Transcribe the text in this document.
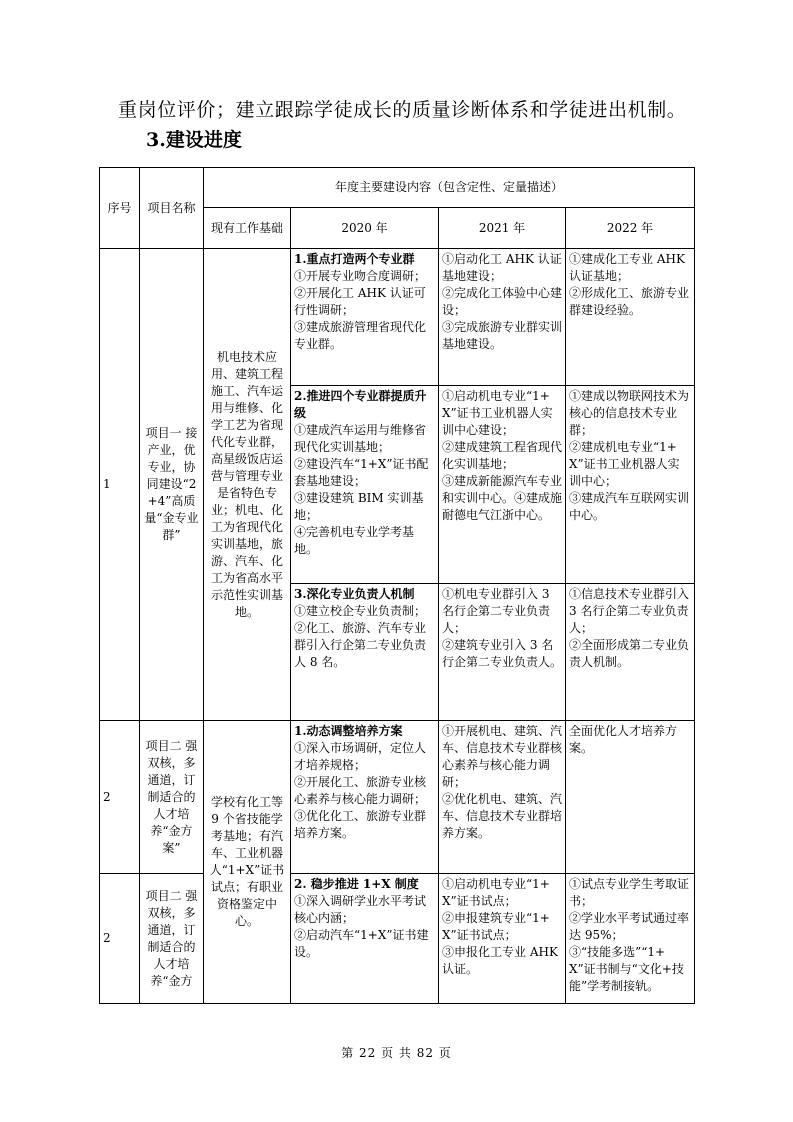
重岗位评价；建立跟踪学徒成长的质量诊断体系和学徒进出机制。
3.建设进度
序号	项目名称	年度主要建设内容（包含定性、定量描述）			
		现有工作基础	2020 年	2021 年	2022 年
1	项目一 接产业，优专业，协同建设“2+4”高质量“金专业群”	机电技术应用、建筑工程施工、汽车运用与维修、化学工艺为省现代化专业群，高星级饭店运营与管理专业是省特色专业；机电、化工为省现代化实训基地，旅游、汽车、化工为省高水平示范性实训基地。	1.重点打造两个专业群
①开展专业吻合度调研；
②开展化工 AHK 认证可行性调研；
③建成旅游管理省现代化专业群。	①启动化工 AHK 认证基地建设；
②完成化工体验中心建设；
③完成旅游专业群实训基地建设。	①建成化工专业 AHK 认证基地；
②形成化工、旅游专业群建设经验。

			2.推进四个专业群提质升级
①建成汽车运用与维修省现代化实训基地；
②建设汽车“1+X”证书配套基地建设；
③建设建筑 BIM 实训基地；
④完善机电专业学考基地。	①启动机电专业“1+X”证书工业机器人实训中心建设；
②建成建筑工程省现代化实训基地；
③建成新能源汽车专业和实训中心。④建成施耐德电气江浙中心。	①建成以物联网技术为核心的信息技术专业群；
②建成机电专业“1+X”证书工业机器人实训中心；
③建成汽车互联网实训中心。

			3.深化专业负责人机制
①建立校企专业负责制；
②化工、旅游、汽车专业群引入行企第二专业负责人 8 名。	①机电专业群引入 3 名行企第二专业负责人；
②建筑专业引入 3 名行企第二专业负责人。	①信息技术专业群引入 3 名行企第二专业负责人；
②全面形成第二专业负责人机制。

2	项目二 强双核，多通道，订制适合的人才培养“金方案”	学校有化工等 9 个省技能学考基地；有汽车、工业机器人“1+X”证书试点；有职业资格鉴定中心。	1.动态调整培养方案
①深入市场调研，定位人才培养规格；
②开展化工、旅游专业核心素养与核心能力调研；
③优化化工、旅游专业群培养方案。	①开展机电、建筑、汽车、信息技术专业群核心素养与核心能力调研；
②优化机电、建筑、汽车、信息技术专业群培养方案。	全面优化人才培养方案。

2	项目二 强双核，多通道，订制适合的人才培养“金方		2. 稳步推进 1+X 制度
①深入调研学业水平考试核心内涵；
②启动汽车“1+X”证书建设。	①启动机电专业“1+X”证书试点；
②申报建筑专业“1+X”证书试点；
③申报化工专业 AHK 认证。	①试点专业学生考取证书；
②学业水平考试通过率达 95%；
③“技能多选”“1+X”证书制与“文化+技能”学考制接轨。
第 22 页 共 82 页
